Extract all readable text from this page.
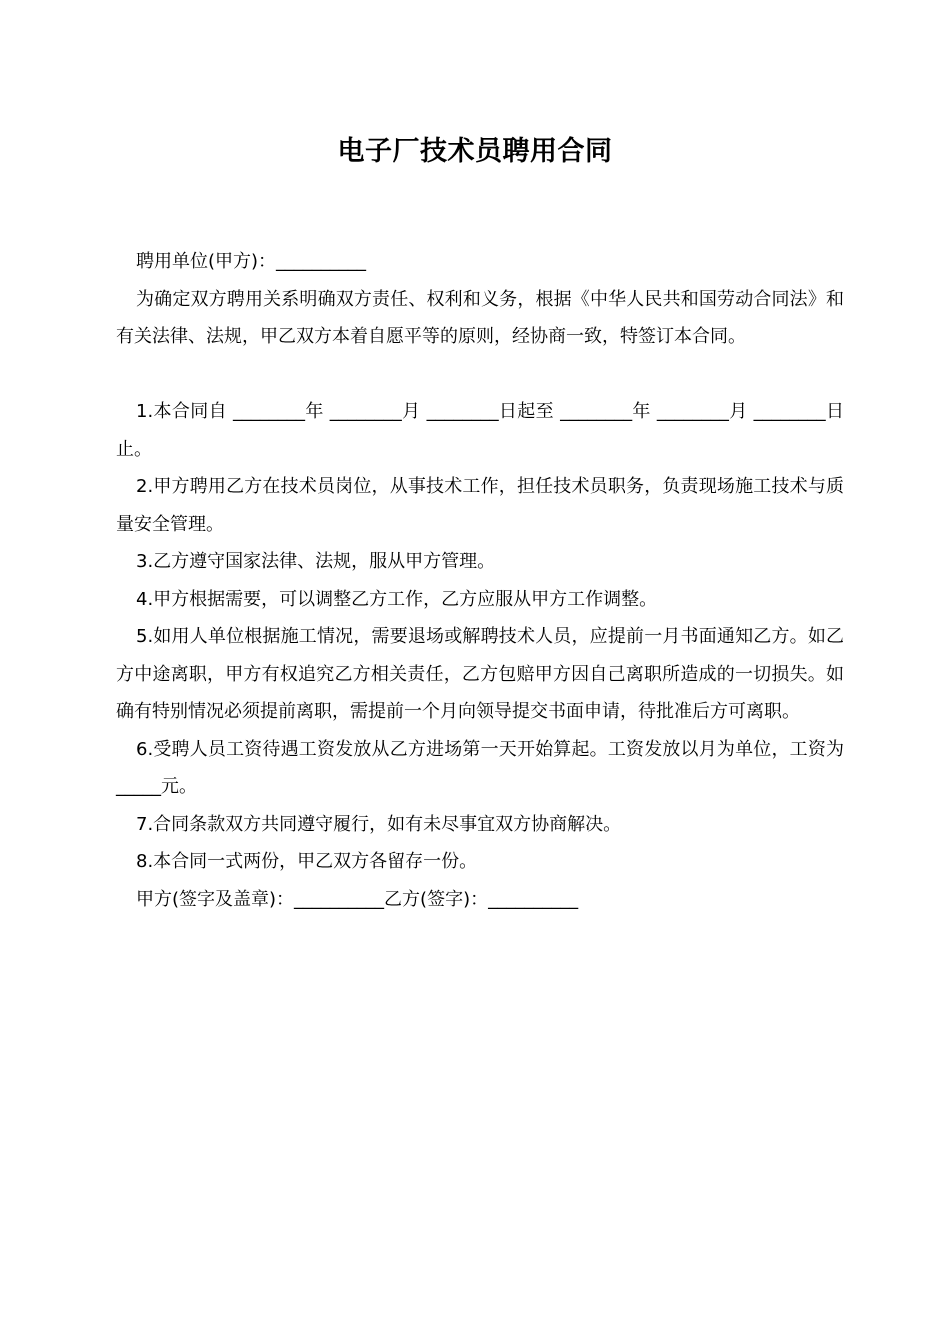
电子厂技术员聘用合同

聘用单位(甲方)：__________

为确定双方聘用关系明确双方责任、权利和义务，根据《中华人民共和国劳动合同法》和有关法律、法规，甲乙双方本着自愿平等的原则，经协商一致，特签订本合同。

1.本合同自 ________年 ________月 ________日起至 ________年 ________月 ________日止。

2.甲方聘用乙方在技术员岗位，从事技术工作，担任技术员职务，负责现场施工技术与质量安全管理。

3.乙方遵守国家法律、法规，服从甲方管理。

4.甲方根据需要，可以调整乙方工作，乙方应服从甲方工作调整。

5.如用人单位根据施工情况，需要退场或解聘技术人员，应提前一月书面通知乙方。如乙方中途离职，甲方有权追究乙方相关责任，乙方包赔甲方因自己离职所造成的一切损失。如确有特别情况必须提前离职，需提前一个月向领导提交书面申请，待批准后方可离职。

6.受聘人员工资待遇工资发放从乙方进场第一天开始算起。工资发放以月为单位，工资为_____元。

7.合同条款双方共同遵守履行，如有未尽事宜双方协商解决。

8.本合同一式两份，甲乙双方各留存一份。

甲方(签字及盖章)：__________乙方(签字)：__________
